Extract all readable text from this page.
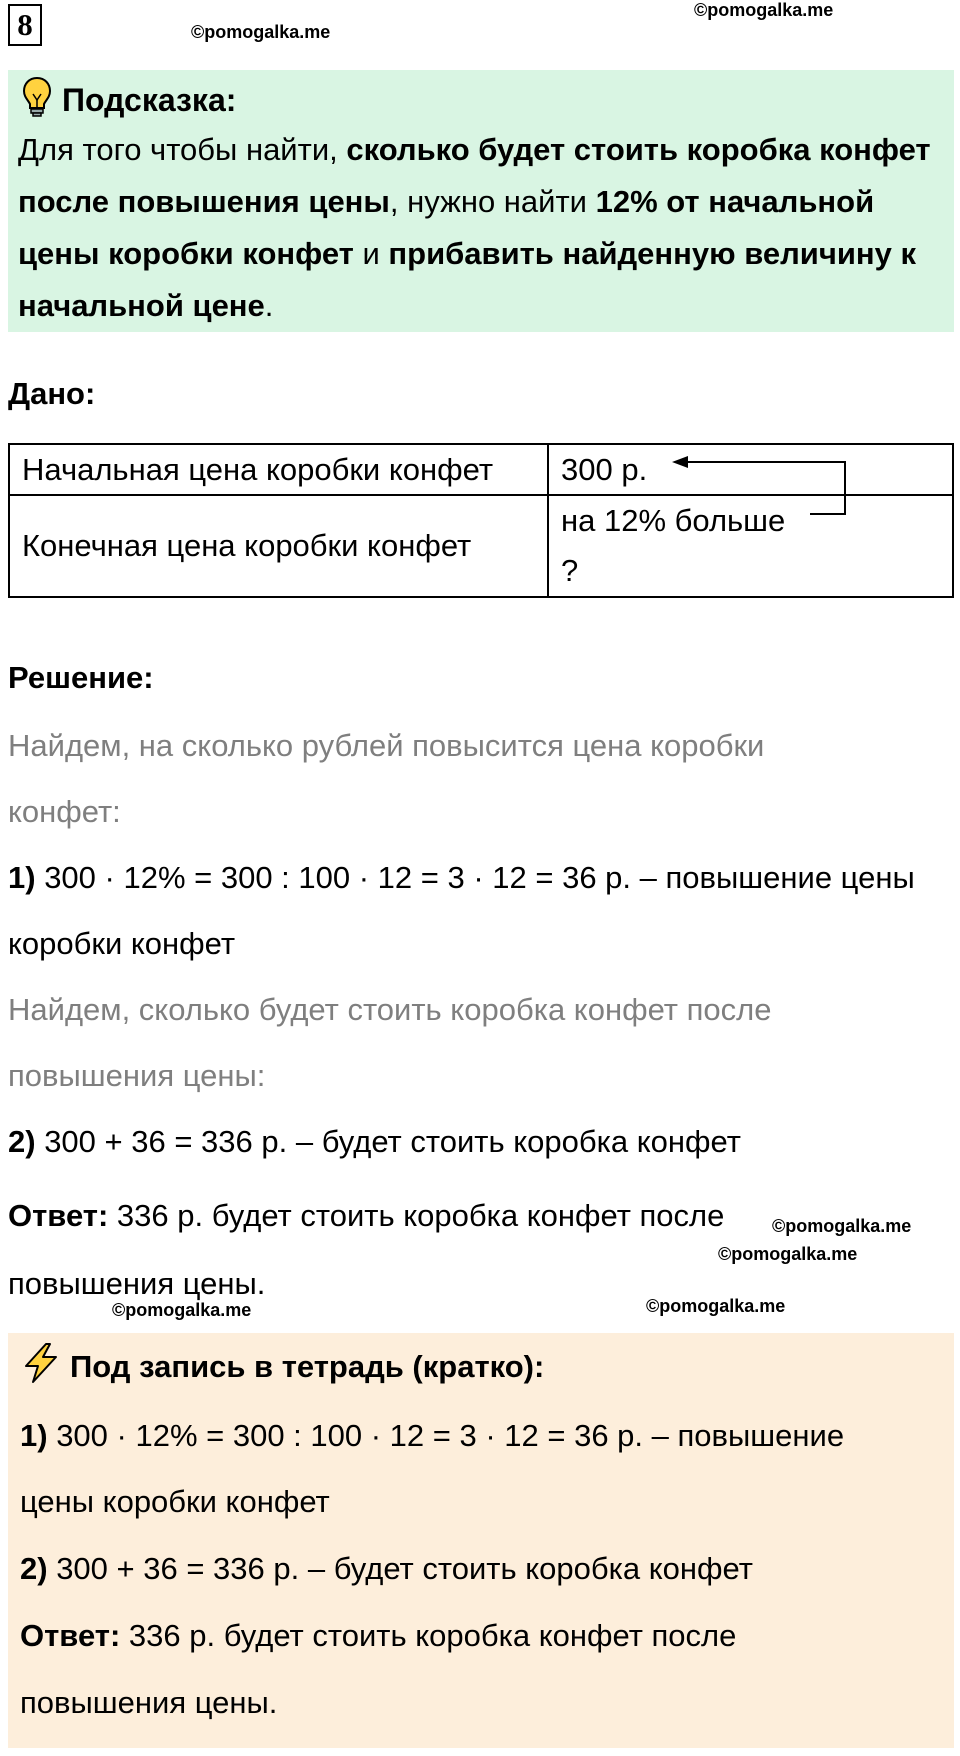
8	©pomogalka.me
©pomogalka.me
Подсказка:
Для того чтобы найти, сколько будет стоить коробка конфет после повышения цены, нужно найти 12% от начальной цены коробки конфет и прибавить найденную величину к начальной цене.
Дано:
Начальная цена коробки конфет	300 р.
Конечная цена коробки конфет	на 12% больше
?
Решение:
Найдем, на сколько рублей повысится цена коробки
конфет:
1) 300 · 12% = 300 : 100 · 12 = 3 · 12 = 36 р. – повышение цены
коробки конфет
Найдем, сколько будет стоить коробка конфет после
повышения цены:
2) 300 + 36 = 336 р. – будет стоить коробка конфет
Ответ: 336 р. будет стоить коробка конфет после
повышения цены.
©pomogalka.me
©pomogalka.me
©pomogalka.me	©pomogalka.me
Под запись в тетрадь (кратко):
1) 300 · 12% = 300 : 100 · 12 = 3 · 12 = 36 р. – повышение
цены коробки конфет
2) 300 + 36 = 336 р. – будет стоить коробка конфет
Ответ: 336 р. будет стоить коробка конфет после
повышения цены.
